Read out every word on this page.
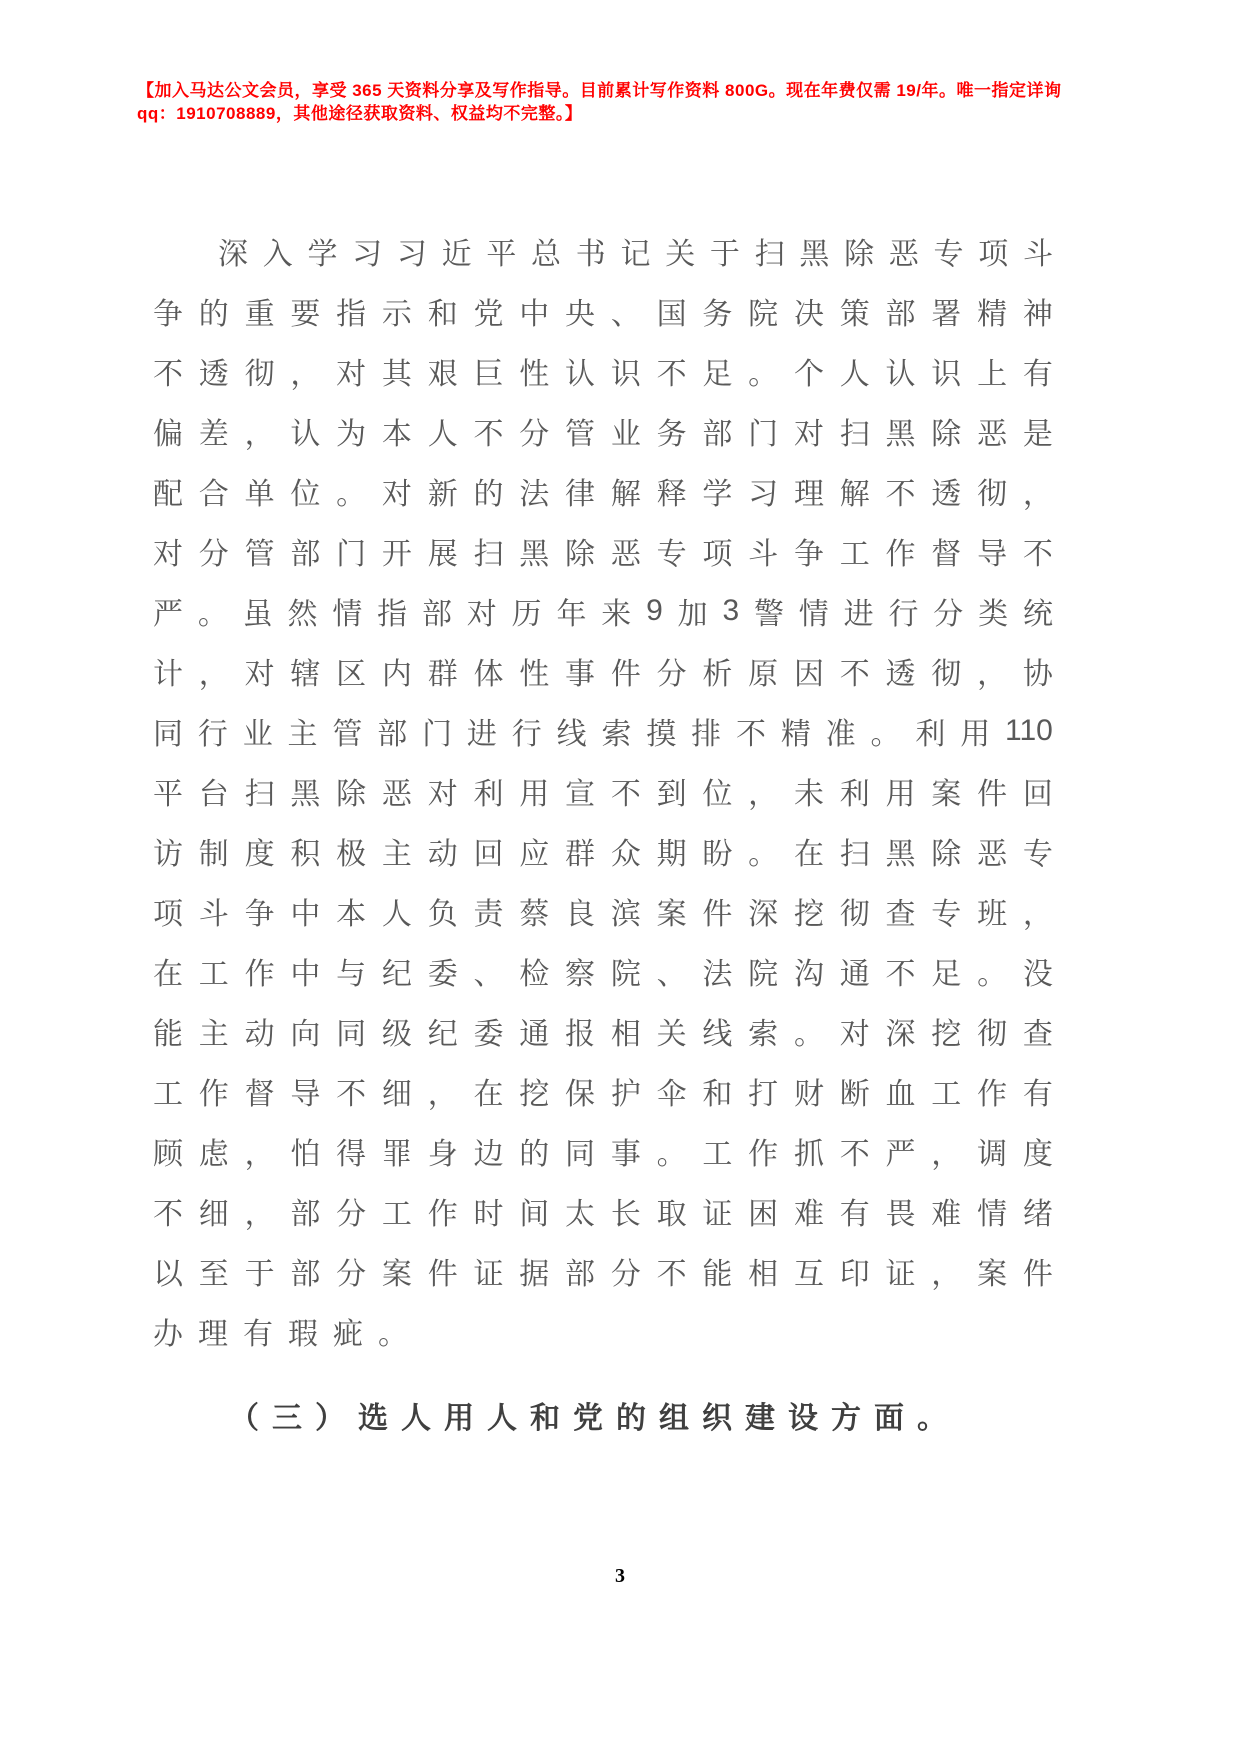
【加入马达公文会员，享受 365 天资料分享及写作指导。目前累计写作资料 800G。现在年费仅需 19/年。唯一指定详询
qq：1910708889，其他途径获取资料、权益均不完整。】
深 入 学 习 习 近 平 总 书 记 关 于 扫 黑 除 恶 专 项 斗
争 的 重 要 指 示 和 党 中 央 、 国 务 院 决 策 部 署 精 神
不 透 彻 ， 对 其 艰 巨 性 认 识 不 足 。 个 人 认 识 上 有
偏 差 ， 认 为 本 人 不 分 管 业 务 部 门 对 扫 黑 除 恶 是
配 合 单 位 。 对 新 的 法 律 解 释 学 习 理 解 不 透 彻 ，
对 分 管 部 门 开 展 扫 黑 除 恶 专 项 斗 争 工 作 督 导 不
严 。 虽 然 情 指 部 对 历 年 来 9 加 3 警 情 进 行 分 类 统
计 ， 对 辖 区 内 群 体 性 事 件 分 析 原 因 不 透 彻 ， 协
同 行 业 主 管 部 门 进 行 线 索 摸 排 不 精 准 。 利 用 110
平 台 扫 黑 除 恶 对 利 用 宣 不 到 位 ， 未 利 用 案 件 回
访 制 度 积 极 主 动 回 应 群 众 期 盼 。 在 扫 黑 除 恶 专
项 斗 争 中 本 人 负 责 蔡 良 滨 案 件 深 挖 彻 查 专 班 ，
在 工 作 中 与 纪 委 、 检 察 院 、 法 院 沟 通 不 足 。 没
能 主 动 向 同 级 纪 委 通 报 相 关 线 索 。 对 深 挖 彻 查
工 作 督 导 不 细 ， 在 挖 保 护 伞 和 打 财 断 血 工 作 有
顾 虑 ， 怕 得 罪 身 边 的 同 事 。 工 作 抓 不 严 ， 调 度
不 细 ， 部 分 工 作 时 间 太 长 取 证 困 难 有 畏 难 情 绪
以 至 于 部 分 案 件 证 据 部 分 不 能 相 互 印 证 ， 案 件
办 理 有 瑕 疵 。
（三）选人用人和党的组织建设方面。
3
